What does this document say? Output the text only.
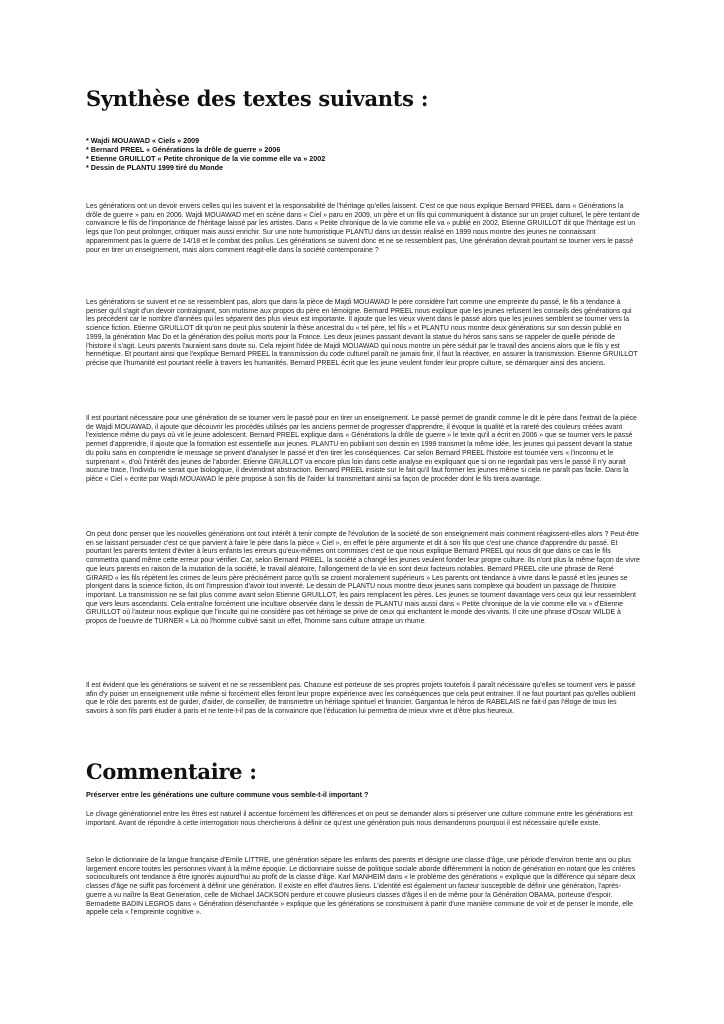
Synthèse des textes suivants :
* Wajdi MOUAWAD « Ciels » 2009
* Bernard PREEL « Générations la drôle de guerre » 2006
* Etienne GRUILLOT « Petite chronique de la vie comme elle va » 2002
* Dessin de PLANTU 1999 tiré du Monde

Les générations ont un devoir envers celles qui les suivent et la responsabilité de l'héritage qu'elles laissent. C'est ce que nous explique Bernard PREEL dans « Générations la drôle de guerre » paru en 2006. Wajdi MOUAWAD met en scène dans « Ciel » paru en 2009, un père et un fils qui communiquent à distance sur un projet culturel, le père tentant de convaincre le fils de l'importance de l'héritage laissé par les artistes. Dans « Petite chronique de la vie comme elle va » publié en 2002, Etienne GRUILLOT dit que l'héritage est un legs que l'on peut prolonger, critiquer mais aussi enrichir. Sur une note humoristique PLANTU dans un dessin réalisé en 1999 nous montre des jeunes ne connaissant apparemment pas la guerre de 14/18 et le combat des poilus. Les générations se suivent donc et ne se ressemblent pas, Une génération devrait pourtant se tourner vers le passé pour en tirer un enseignement, mais alors comment réagit-elle dans la société contemporaine ?

Les générations se suivent et ne se ressemblent pas, alors que dans la pièce de Majdi MOUAWAD le père considère l'art comme une empreinte du passé, le fils a tendance à penser qu'il s'agit d'un devoir contraignant, son mutisme aux propos du père en témoigne. Bernard PREEL nous explique que les jeunes refusent les conseils des générations qui les précèdent car le nombre d'années qui les séparent des plus vieux est importante. Il ajoute que les vieux vivent dans le passé alors que les jeunes semblent se tourner vers la science fiction. Etienne GRUILLOT dit qu'on ne peut plus soutenir la thèse ancestral du « tel père, tel fils » et PLANTU nous montre deux générations sur son dessin publié en 1999, la génération Mac Do et la génération des poilus morts pour la France. Les deux jeunes passant devant la statue du héros sans sans se rappeler de quelle période de l'histoire il s'agit. Leurs parents l'auraient sans doute su. Cela rejoint l'idée de Majdi MOUAWAD qui nous montre un père séduit par le travail des anciens alors que le fils y est hermétique. Et pourtant ainsi que l'explique Bernard PREEL la transmission du code culturel paraît ne jamais finir, il faut la réactiver, en assurer la transmission. Etienne GRUILLOT précise que l'humanité est pourtant réelle à travers les humanités. Bernard PREEL écrit que les jeune veulent fonder leur propre culture, se démarquer ainsi des anciens.

Il est pourtant nécessaire pour une génération de se tourner vers le passé pour en tirer un enseignement. Le passé permet de grandir comme le dit le père dans l'extrait de la pièce de Wajdi MOUAWAD, il ajoute que découvrir les procédés utilisés par les anciens permet de progresser d'apprendre, il évoque la qualité et la rareté des couleurs créées avant l'existence même du pays où vit le jeune adolescent. Bernard PREEL explique dans « Générations la drôle de guerre » le texte qu'il a écrit en 2006 » que se tourner vers le passé permet d'apprendre, il ajoute que la formation est essentielle aux jeunes. PLANTU en publiant son dessin en 1999 transmet la même idée, les jeunes qui passent devant la statue du poilu sans en comprendre le message se privent d'analyser le passé et d'en tirer les conséquences. Car selon Bernard PREEL l'histoire est tournée vers « l'inconnu et le surprenant », d'où l'intérêt des jeunes de l'aborder. Etienne GRUILLOT va encore plus loin dans cette analyse en expliquant que si on ne regardait pas vers le passé il n'y aurait aucune trace, l'individu ne serait que biologique, il deviendrait abstraction. Bernard PREEL insiste sur le fait qu'il faut former les jeunes même si cela ne paraît pas facile. Dans la pièce « Ciel » écrite par Wajdi MOUAWAD le père propose à son fils de l'aider lui transmettant ainsi sa façon de procéder dont le fils tirera avantage.

On peut donc penser que les nouvelles générations ont tout intérêt à tenir compte de l'évolution de la société de son enseignement mais comment réagissent-elles alors ? Peut-être en se laissant persuader c'est ce que parvient à faire le père dans la pièce « Ciel », en effet le père argumente et dit à son fils que c'est une chance d'apprendre du passé. Et pourtant les parents tentent d'éviter à leurs enfants les erreurs qu'eux-mêmes ont commises c'est ce que nous explique Bernard PREEL qui nous dit que dans ce cas le fils commettra quand même cette erreur pour vérifier. Car, selon Bernard PREEL, la société a changé les jeunes veulent fonder leur propre culture. Ils n'ont plus la même façon de vivre que leurs parents en raison de la mutation de la société, le travail aléatoire, l'allongement de la vie en sont deux facteurs notables. Bernard PREEL cite une phrase de René GIRARD « les fils répètent les crimes de leurs père précisément parce qu'ils se croient moralement supérieurs » Les parents ont tendance à vivre dans le passé et les jeunes se plongent dans la science fiction, ils ont l'impression d'avoir tout inventé. Le dessin de PLANTU nous montre deux jeunes sans complexe qui boudent un passage de l'histoire important. La transmission ne se fait plus comme avant selon Etienne GRUILLOT, les pairs remplacent les pères. Les jeunes se tournent davantage vers ceux qui leur ressemblent que vers leurs ascendants. Cela entraîne forcément une incultare observée dans le dessin de PLANTU mais aussi dans « Petite chronique de la vie comme elle va » d'Etienne GRUILLOT où l'auteur nous explique que l'inculte qui ne considère pas cet héritage se prive de ceux qui enchantent le monde des vivants. Il cite une phrase d'Oscar WILDE à propos de l'oeuvre de TURNER « Là où l'homme cultivé saisit un effet, l'homme sans culture attrape un rhume.

Il est évident que les générations se suivent et ne se ressemblent pas. Chacune est porteuse de ses propres projets toutefois il paraît nécessaire qu'elles se tournent vers le passé afin d'y puiser un enseignement utile même si forcément elles feront leur propre expérience avec les conséquences que cela peut entrainer. Il ne faut pourtant pas qu'elles oublient que le rôle des parents est de guider, d'aider, de conseiller, de transmettre un héritage spirituel et financier. Gargantua le héros de RABELAIS ne fait-il pas l'éloge de tous les savoirs à son fils parti étudier à paris et ne tente-t-il pas de la convaincre que l'éducation lui permettra de mieux vivre et d'être plus heureux.

Commentaire :
Préserver entre les générations une culture commune vous semble-t-il important ?

Le clivage générationnel entre les êtres est naturel il accentue forcément les différences et on peut se demander alors si préserver une culture commune entre les générations est important. Avant de répondre à cette interrogation nous chercherons à définir ce qu'est une génération puis nous demanderons pourquoi il est nécessaire qu'elle existe.

Selon le dictionnaire de la langue française d'Emile LITTRE, une génération sépare les enfants des parents et désigne une classe d'âge, une période d'environ trente ans ou plus largement encore toutes les personnes vivant à la même époque. Le dictionnaire suisse de politique sociale aborde différemment la notion de génération en notant que les critères socioculturels ont tendance à être ignorés aujourd'hui au profit de la classe d'âge. Karl MANHEIM dans « le problème des générations » explique que la différence qui sépare deux classes d'âge ne suffit pas forcément à définir une génération. Il existe en effet d'autres liens. L'identité est également un facteur susceptible de définir une génération, l'après-guerre a vu naître la Beat Generation, celle de Michael JACKSON perdure et couvre plusieurs classes d'âges il en de même pour la Génération OBAMA, porteuse d'espoir. Bernadette BADIN LEGROS dans « Génération désenchantée » explique que les générations se construisent à partir d'une manière commune de voir et de penser le monde, elle appelle cela « l'empreinte cognitive ».
